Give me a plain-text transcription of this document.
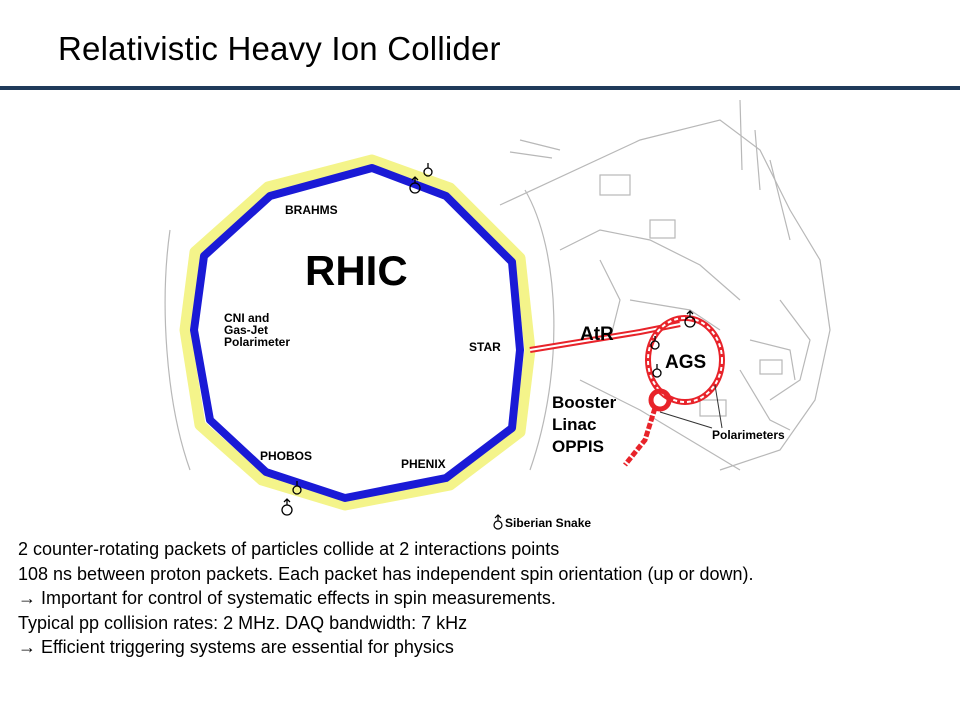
Relativistic Heavy Ion Collider
RHIC
BRAHMS
CNI and
Gas-Jet
Polarimeter	STAR
PHOBOS
PHENIX
AtR
AGS
Booster
Linac
OPPIS
Polarimeters
Siberian Snake

2 counter-rotating packets of particles collide at 2 interactions points

108 ns between proton packets. Each packet has independent spin orientation (up or down).

→ Important for control of systematic effects in spin measurements.

Typical pp collision rates: 2 MHz. DAQ bandwidth: 7 kHz

→ Efficient triggering systems are essential for physics
